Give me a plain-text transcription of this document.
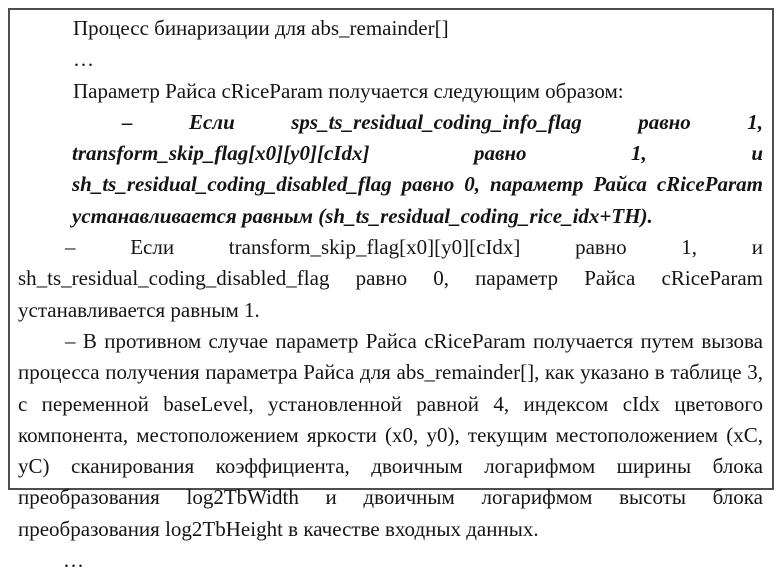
Процесс бинаризации для abs_remainder[]

…

Параметр Райса cRiceParam получается следующим образом:

– Если sps_ts_residual_coding_info_flag равно 1, transform_skip_flag[x0][y0][cIdx] равно 1, и sh_ts_residual_coding_disabled_flag равно 0, параметр Райса cRiceParam устанавливается равным (sh_ts_residual_coding_rice_idx+TH).

– Если transform_skip_flag[x0][y0][cIdx] равно 1, и sh_ts_residual_coding_disabled_flag равно 0, параметр Райса cRiceParam устанавливается равным 1.

– В противном случае параметр Райса cRiceParam получается путем вызова процесса получения параметра Райса для abs_remainder[], как указано в таблице 3, с переменной baseLevel, установленной равной 4, индексом cIdx цветового компонента, местоположением яркости (x0, y0), текущим местоположением (xC, yC) сканирования коэффициента, двоичным логарифмом ширины блока преобразования log2TbWidth и двоичным логарифмом высоты блока преобразования log2TbHeight в качестве входных данных.

…
